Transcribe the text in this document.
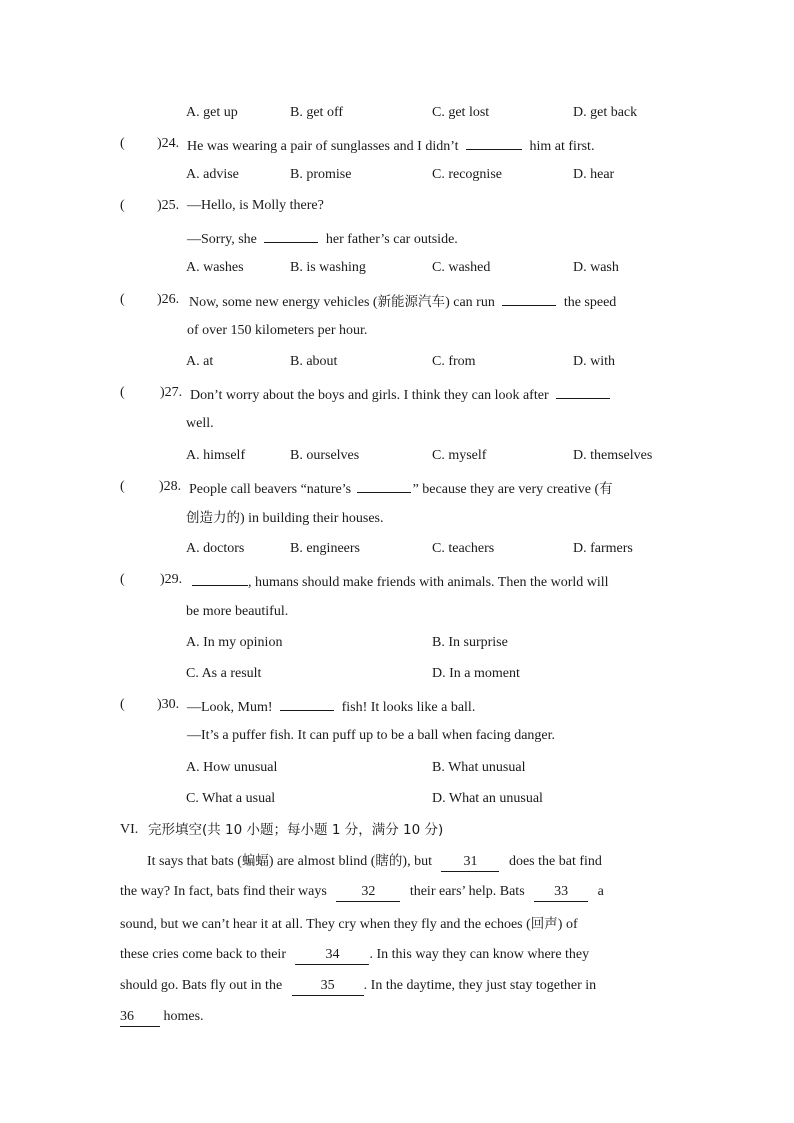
A. get up	B. get off	C. get lost	D. get back
( )24. He was wearing a pair of sunglasses and I didn’t	him at first.
A. advise	B. promise	C. recognise	D. hear
( )25. —Hello, is Molly there?
—Sorry, she	her father’s car outside.
A. washes	B. is washing	C. washed	D. wash
( )26. Now, some new energy vehicles (新能源汽车) can run	the speed
of over 150 kilometers per hour.
A. at	B. about	C. from	D. with
(	)27. Don’t worry about the boys and girls. I think they can look after
well.
A. himself	B. ourselves	C. myself	D. themselves
( )28. People call beavers “nature’s	” because they are very creative (有
创造力的) in building their houses.
A. doctors	B. engineers	C. teachers	D. farmers
(	)29.	, humans should make friends with animals. Then the world will
be more beautiful.
A. In my opinion	B. In surprise
C. As a result	D. In a moment
( )30. —Look, Mum!	fish! It looks like a ball.
—It’s a puffer fish. It can puff up to be a ball when facing danger.
A. How unusual	B. What unusual
C. What a usual	D. What an unusual
VI. 完形填空(共 10 小题；每小题 1 分，满分 10 分)
It says that bats (蝙蝠) are almost blind (瞎的), but 31 does the bat find
the way? In fact, bats find their ways 32 their ears’ help. Bats 33 a
sound, but we can’t hear it at all. They cry when they fly and the echoes (回声) of
these cries come back to their	34 . In this way they can know where they
should go. Bats fly out in the	35 . In the daytime, they just stay together in
36 homes.
